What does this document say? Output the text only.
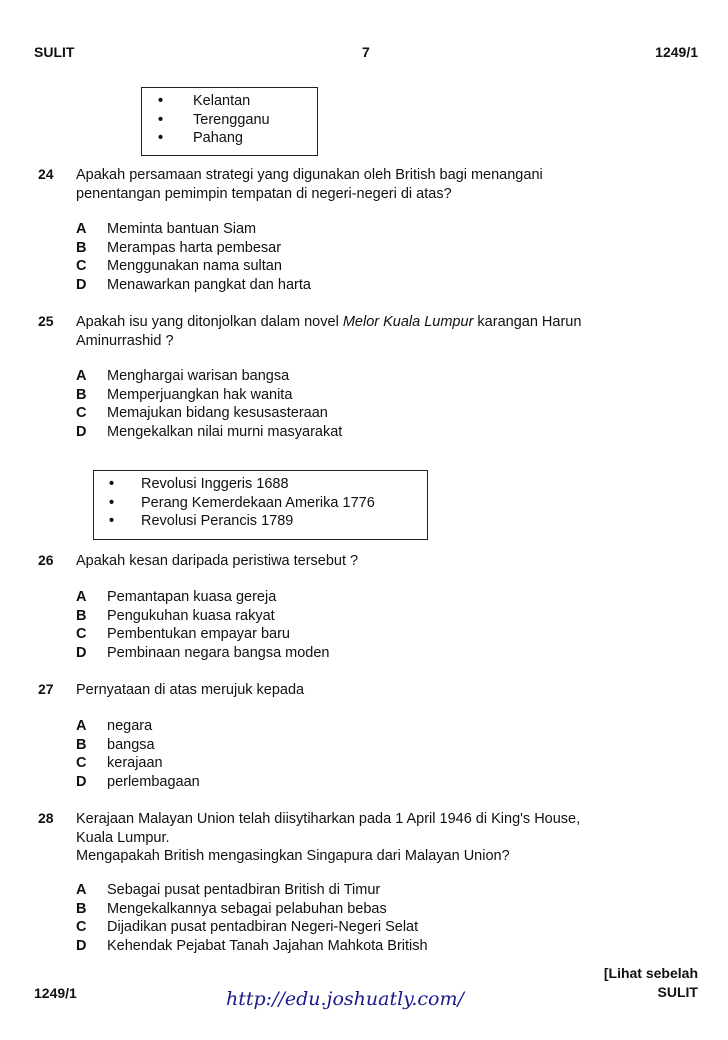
SULIT	7	1249/1
• Kelantan
• Terengganu
• Pahang
24 Apakah persamaan strategi yang digunakan oleh British bagi menangani
penentangan pemimpin tempatan di negeri-negeri di atas?
A Meminta bantuan Siam
B Merampas harta pembesar
C Menggunakan nama sultan
D Menawarkan pangkat dan harta
25 Apakah isu yang ditonjolkan dalam novel Melor Kuala Lumpur karangan Harun
Aminurrashid ?
A Menghargai warisan bangsa
B Memperjuangkan hak wanita
C Memajukan bidang kesusasteraan
D Mengekalkan nilai murni masyarakat
• Revolusi Inggeris 1688
• Perang Kemerdekaan Amerika 1776
• Revolusi Perancis 1789
26 Apakah kesan daripada peristiwa tersebut ?
A Pemantapan kuasa gereja
B Pengukuhan kuasa rakyat
C Pembentukan empayar baru
D Pembinaan negara bangsa moden
27 Pernyataan di atas merujuk kepada
A negara
B bangsa
C kerajaan
D perlembagaan
28 Kerajaan Malayan Union telah diisytiharkan pada 1 April 1946 di King's House,
Kuala Lumpur.
Mengapakah British mengasingkan Singapura dari Malayan Union?
A Sebagai pusat pentadbiran British di Timur
B Mengekalkannya sebagai pelabuhan bebas
C Dijadikan pusat pentadbiran Negeri-Negeri Selat
D Kehendak Pejabat Tanah Jajahan Mahkota British
1249/1
[Lihat sebelah
SULIT
http://edu.joshuatly.com/
